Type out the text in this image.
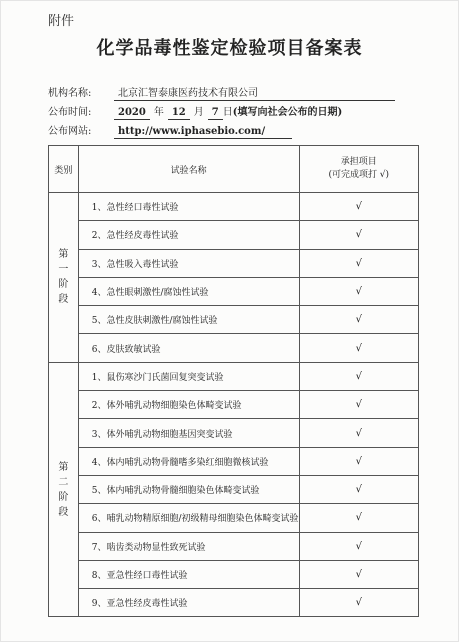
附件
化学品毒性鉴定检验项目备案表
机构名称:	北京汇智泰康医药技术有限公司
公布时间:	2020 年 12 月 7 日(填写向社会公布的日期)
公布网站:	http://www.iphasebio.com/
类别	试验名称	承担项目
(可完成项打 √)

第
一
阶
段	1、急性经口毒性试验	√
	2、急性经皮毒性试验	√
	3、急性吸入毒性试验	√
	4、急性眼刺激性/腐蚀性试验	√
	5、急性皮肤刺激性/腐蚀性试验	√
	6、皮肤致敏试验	√

第
二
阶
段	1、鼠伤寒沙门氏菌回复突变试验	√
	2、体外哺乳动物细胞染色体畸变试验	√
	3、体外哺乳动物细胞基因突变试验	√
	4、体内哺乳动物骨髓嗜多染红细胞微核试验	√
	5、体内哺乳动物骨髓细胞染色体畸变试验	√
	6、哺乳动物精原细胞/初级精母细胞染色体畸变试验	√
	7、啮齿类动物显性致死试验	√
	8、亚急性经口毒性试验	√
	9、亚急性经皮毒性试验	√
